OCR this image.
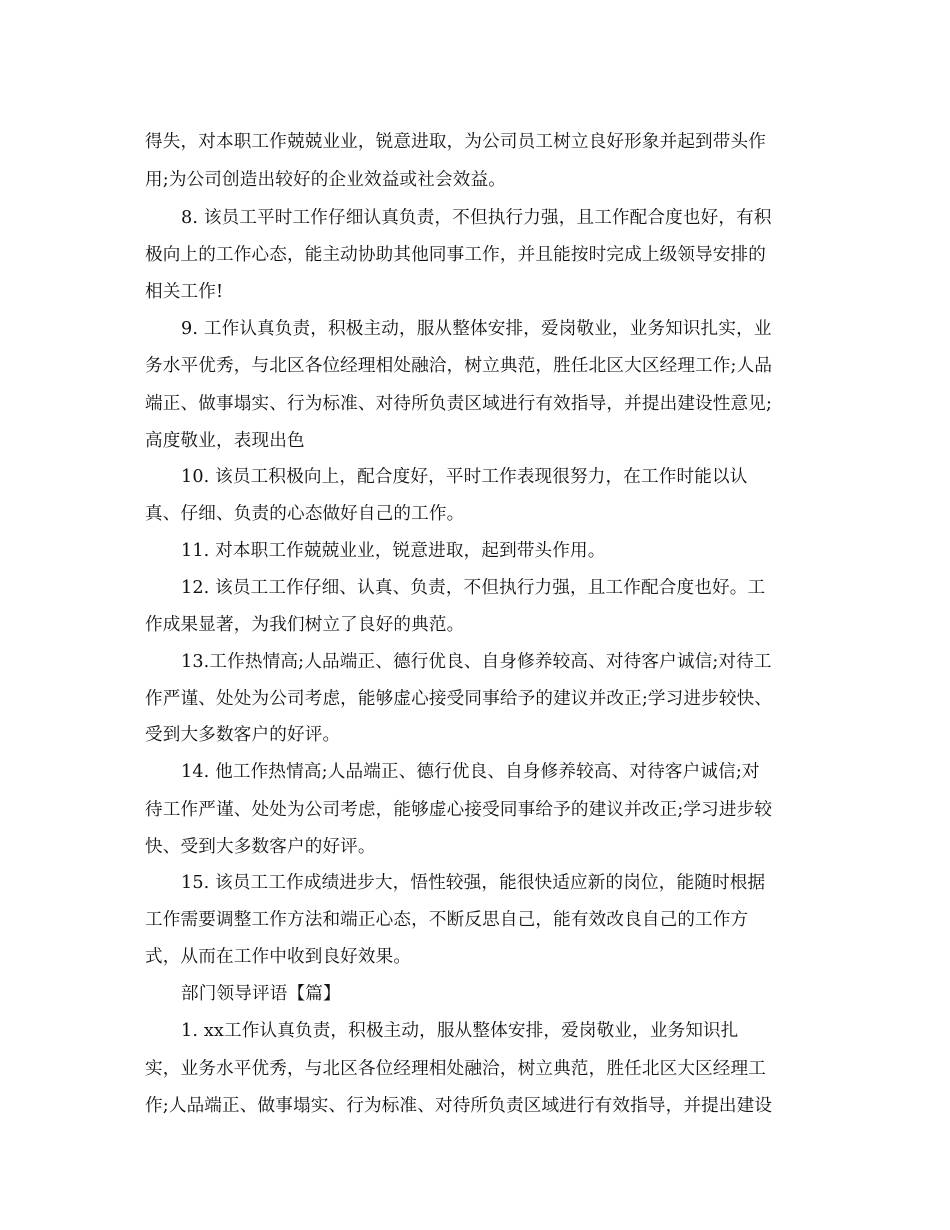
得失，对本职工作兢兢业业，锐意进取，为公司员工树立良好形象并起到带头作
用;为公司创造出较好的企业效益或社会效益。
8. 该员工平时工作仔细认真负责，不但执行力强，且工作配合度也好，有积
极向上的工作心态，能主动协助其他同事工作，并且能按时完成上级领导安排的
相关工作!
9. 工作认真负责，积极主动，服从整体安排，爱岗敬业，业务知识扎实，业
务水平优秀，与北区各位经理相处融洽，树立典范，胜任北区大区经理工作;人品
端正、做事塌实、行为标准、对待所负责区域进行有效指导，并提出建设性意见;
高度敬业，表现出色
10. 该员工积极向上，配合度好，平时工作表现很努力，在工作时能以认
真、仔细、负责的心态做好自己的工作。
11. 对本职工作兢兢业业，锐意进取，起到带头作用。
12. 该员工工作仔细、认真、负责，不但执行力强，且工作配合度也好。工
作成果显著，为我们树立了良好的典范。
13.工作热情高;人品端正、德行优良、自身修养较高、对待客户诚信;对待工
作严谨、处处为公司考虑，能够虚心接受同事给予的建议并改正;学习进步较快、
受到大多数客户的好评。
14. 他工作热情高;人品端正、德行优良、自身修养较高、对待客户诚信;对
待工作严谨、处处为公司考虑，能够虚心接受同事给予的建议并改正;学习进步较
快、受到大多数客户的好评。
15. 该员工工作成绩进步大，悟性较强，能很快适应新的岗位，能随时根据
工作需要调整工作方法和端正心态，不断反思自己，能有效改良自己的工作方
式，从而在工作中收到良好效果。
部门领导评语【篇】
1. xx工作认真负责，积极主动，服从整体安排，爱岗敬业，业务知识扎
实，业务水平优秀，与北区各位经理相处融洽，树立典范，胜任北区大区经理工
作;人品端正、做事塌实、行为标准、对待所负责区域进行有效指导，并提出建设
